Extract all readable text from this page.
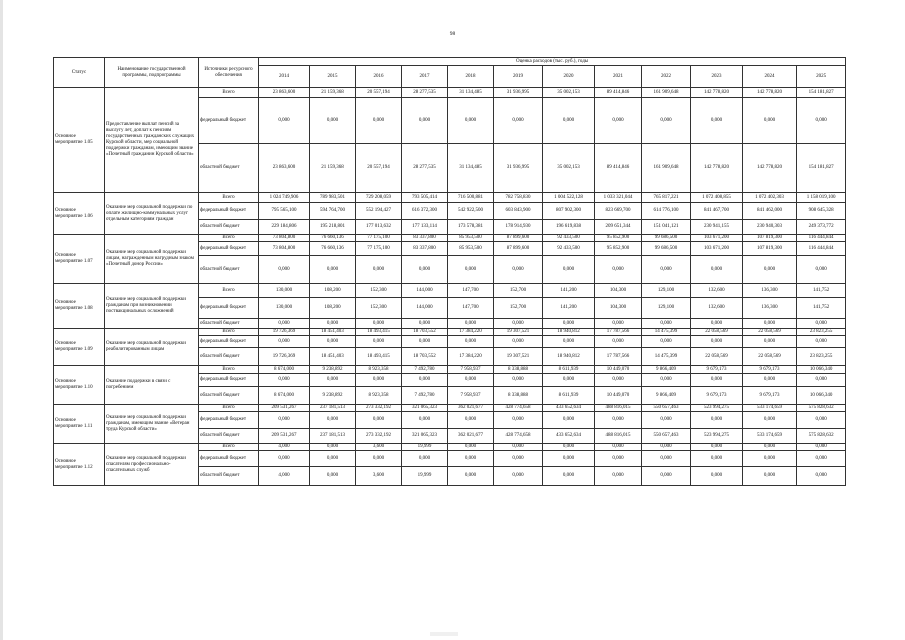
98
Статус	Наименование государственной программы, подпрограммы	Источники ресурсного обеспечения	Оценка расходов (тыс. руб.), годы											
			2014	2015	2016	2017	2018	2019	2020	2021	2022	2023	2024	2025
Основное мероприятие 1.05	Предоставление выплат пенсий за выслугу лет, доплат к пенсиям государственных гражданских служащих Курской области, мер социальной поддержки гражданам, имеющим звание «Почетный гражданин Курской области»	Всего	23 863,600	21 159,368	20 557,194	28 277,535	31 134,485	31 936,995	35 002,153	89 414,846	161 909,648	142 778,820	142 778,820	154 181,827
		федеральный бюджет	0,000	0,000	0,000	0,000	0,000	0,000	0,000	0,000	0,000	0,000	0,000	0,000
		областной бюджет	23 863,600	21 159,368	20 557,194	28 277,535	31 134,485	31 936,995	35 002,153	89 414,846	161 909,648	142 778,820	142 778,820	154 181,827
Основное мероприятие 1.06	Оказание мер социальной поддержки по оплате жилищно-коммунальных услуг отдельным категориям граждан	Всего	1 024 749,906	789 983,501	729 208,059	793 505,414	716 500,881	782 758,830	1 004 522,128	1 033 321,044	765 817,221	1 072 408,855	1 072 402,303	1 158 019,100
		федеральный бюджет	795 565,100	594 764,700	552 194,427	616 372,300	542 922,500	603 843,900	807 902,300	823 669,700	614 776,100	841 467,700	841 462,000	908 645,328
		областной бюджет	229 184,806	195 218,801	177 013,632	177 133,114	173 578,381	178 914,930	196 619,838	209 651,344	151 041,121	230 941,155	230 940,303	249 373,772
Основное мероприятие 1.07	Оказание мер социальной поддержки лицам, награжденным нагрудным знаком «Почетный донор России»	Всего	73 804,800	76 660,136	77 175,100	83 337,800	85 953,500	87 899,600	92 433,500	95 852,900	99 686,500	103 671,200	107 819,300	116 444,844
		федеральный бюджет	73 804,800	76 660,136	77 175,100	83 337,800	85 953,500	87 899,600	92 433,500	95 852,900	99 686,500	103 671,200	107 819,300	116 444,844
		областной бюджет	0,000	0,000	0,000	0,000	0,000	0,000	0,000	0,000	0,000	0,000	0,000	0,000
Основное мероприятие 1.08	Оказание мер социальной поддержки гражданам при возникновении поствакцинальных осложнений	Всего	130,000	108,200	152,300	144,000	147,700	152,700	141,200	104,300	129,100	132,600	136,300	141,752
		федеральный бюджет	130,000	108,200	152,300	144,000	147,700	152,700	141,200	104,300	129,100	132,600	136,300	141,752
		областной бюджет	0,000	0,000	0,000	0,000	0,000	0,000	0,000	0,000	0,000	0,000	0,000	0,000
Основное мероприятие 1.09	Оказание мер социальной поддержки реабилитированным лицам	Всего	19 726,369	18 451,403	18 493,415	18 703,552	17 384,220	19 307,521	18 940,812	17 787,566	14 475,399	22 058,569	22 058,569	23 823,255
		федеральный бюджет	0,000	0,000	0,000	0,000	0,000	0,000	0,000	0,000	0,000	0,000	0,000	0,000
		областной бюджет	19 726,369	18 451,403	18 493,415	18 703,552	17 384,220	19 307,521	18 940,812	17 787,566	14 475,399	22 058,569	22 058,569	23 823,255
Основное мероприятие 1.10	Оказание поддержки в связи с погребением	Всего	8 674,000	9 238,892	8 923,358	7 492,780	7 958,937	8 338,888	8 611,939	10 449,070	9 866,409	9 679,173	9 679,173	10 066,340
		федеральный бюджет	0,000	0,000	0,000	0,000	0,000	0,000	0,000	0,000	0,000	0,000	0,000	0,000
		областной бюджет	8 674,000	9 238,892	8 923,358	7 492,780	7 958,937	8 338,888	8 611,939	10 449,070	9 866,409	9 679,173	9 679,173	10 066,340
Основное мероприятие 1.11	Оказание мер социальной поддержки гражданам, имеющим звание «Ветеран труда Курской области»	Всего	209 531,267	237 181,513	273 332,192	321 065,323	362 021,677	428 774,658	433 652,634	488 816,015	550 657,463	523 994,275	533 174,659	575 828,632
		федеральный бюджет	0,000	0,000	0,000	0,000	0,000	0,000	0,000	0,000	0,000	0,000	0,000	0,000
		областной бюджет	209 531,267	237 181,513	273 332,192	321 065,323	362 021,677	428 774,658	433 652,634	488 816,015	550 657,463	523 994,275	533 174,659	575 828,632
Основное мероприятие 1.12	Оказание мер социальной поддержки спасателям профессионально-спасательных служб	Всего	4,000	0,000	3,600	19,999	0,000	0,000	0,000	0,000	0,000	0,000	0,000	0,000
		федеральный бюджет	0,000	0,000	0,000	0,000	0,000	0,000	0,000	0,000	0,000	0,000	0,000	0,000
		областной бюджет	4,000	0,000	3,600	19,999	0,000	0,000	0,000	0,000	0,000	0,000	0,000	0,000
